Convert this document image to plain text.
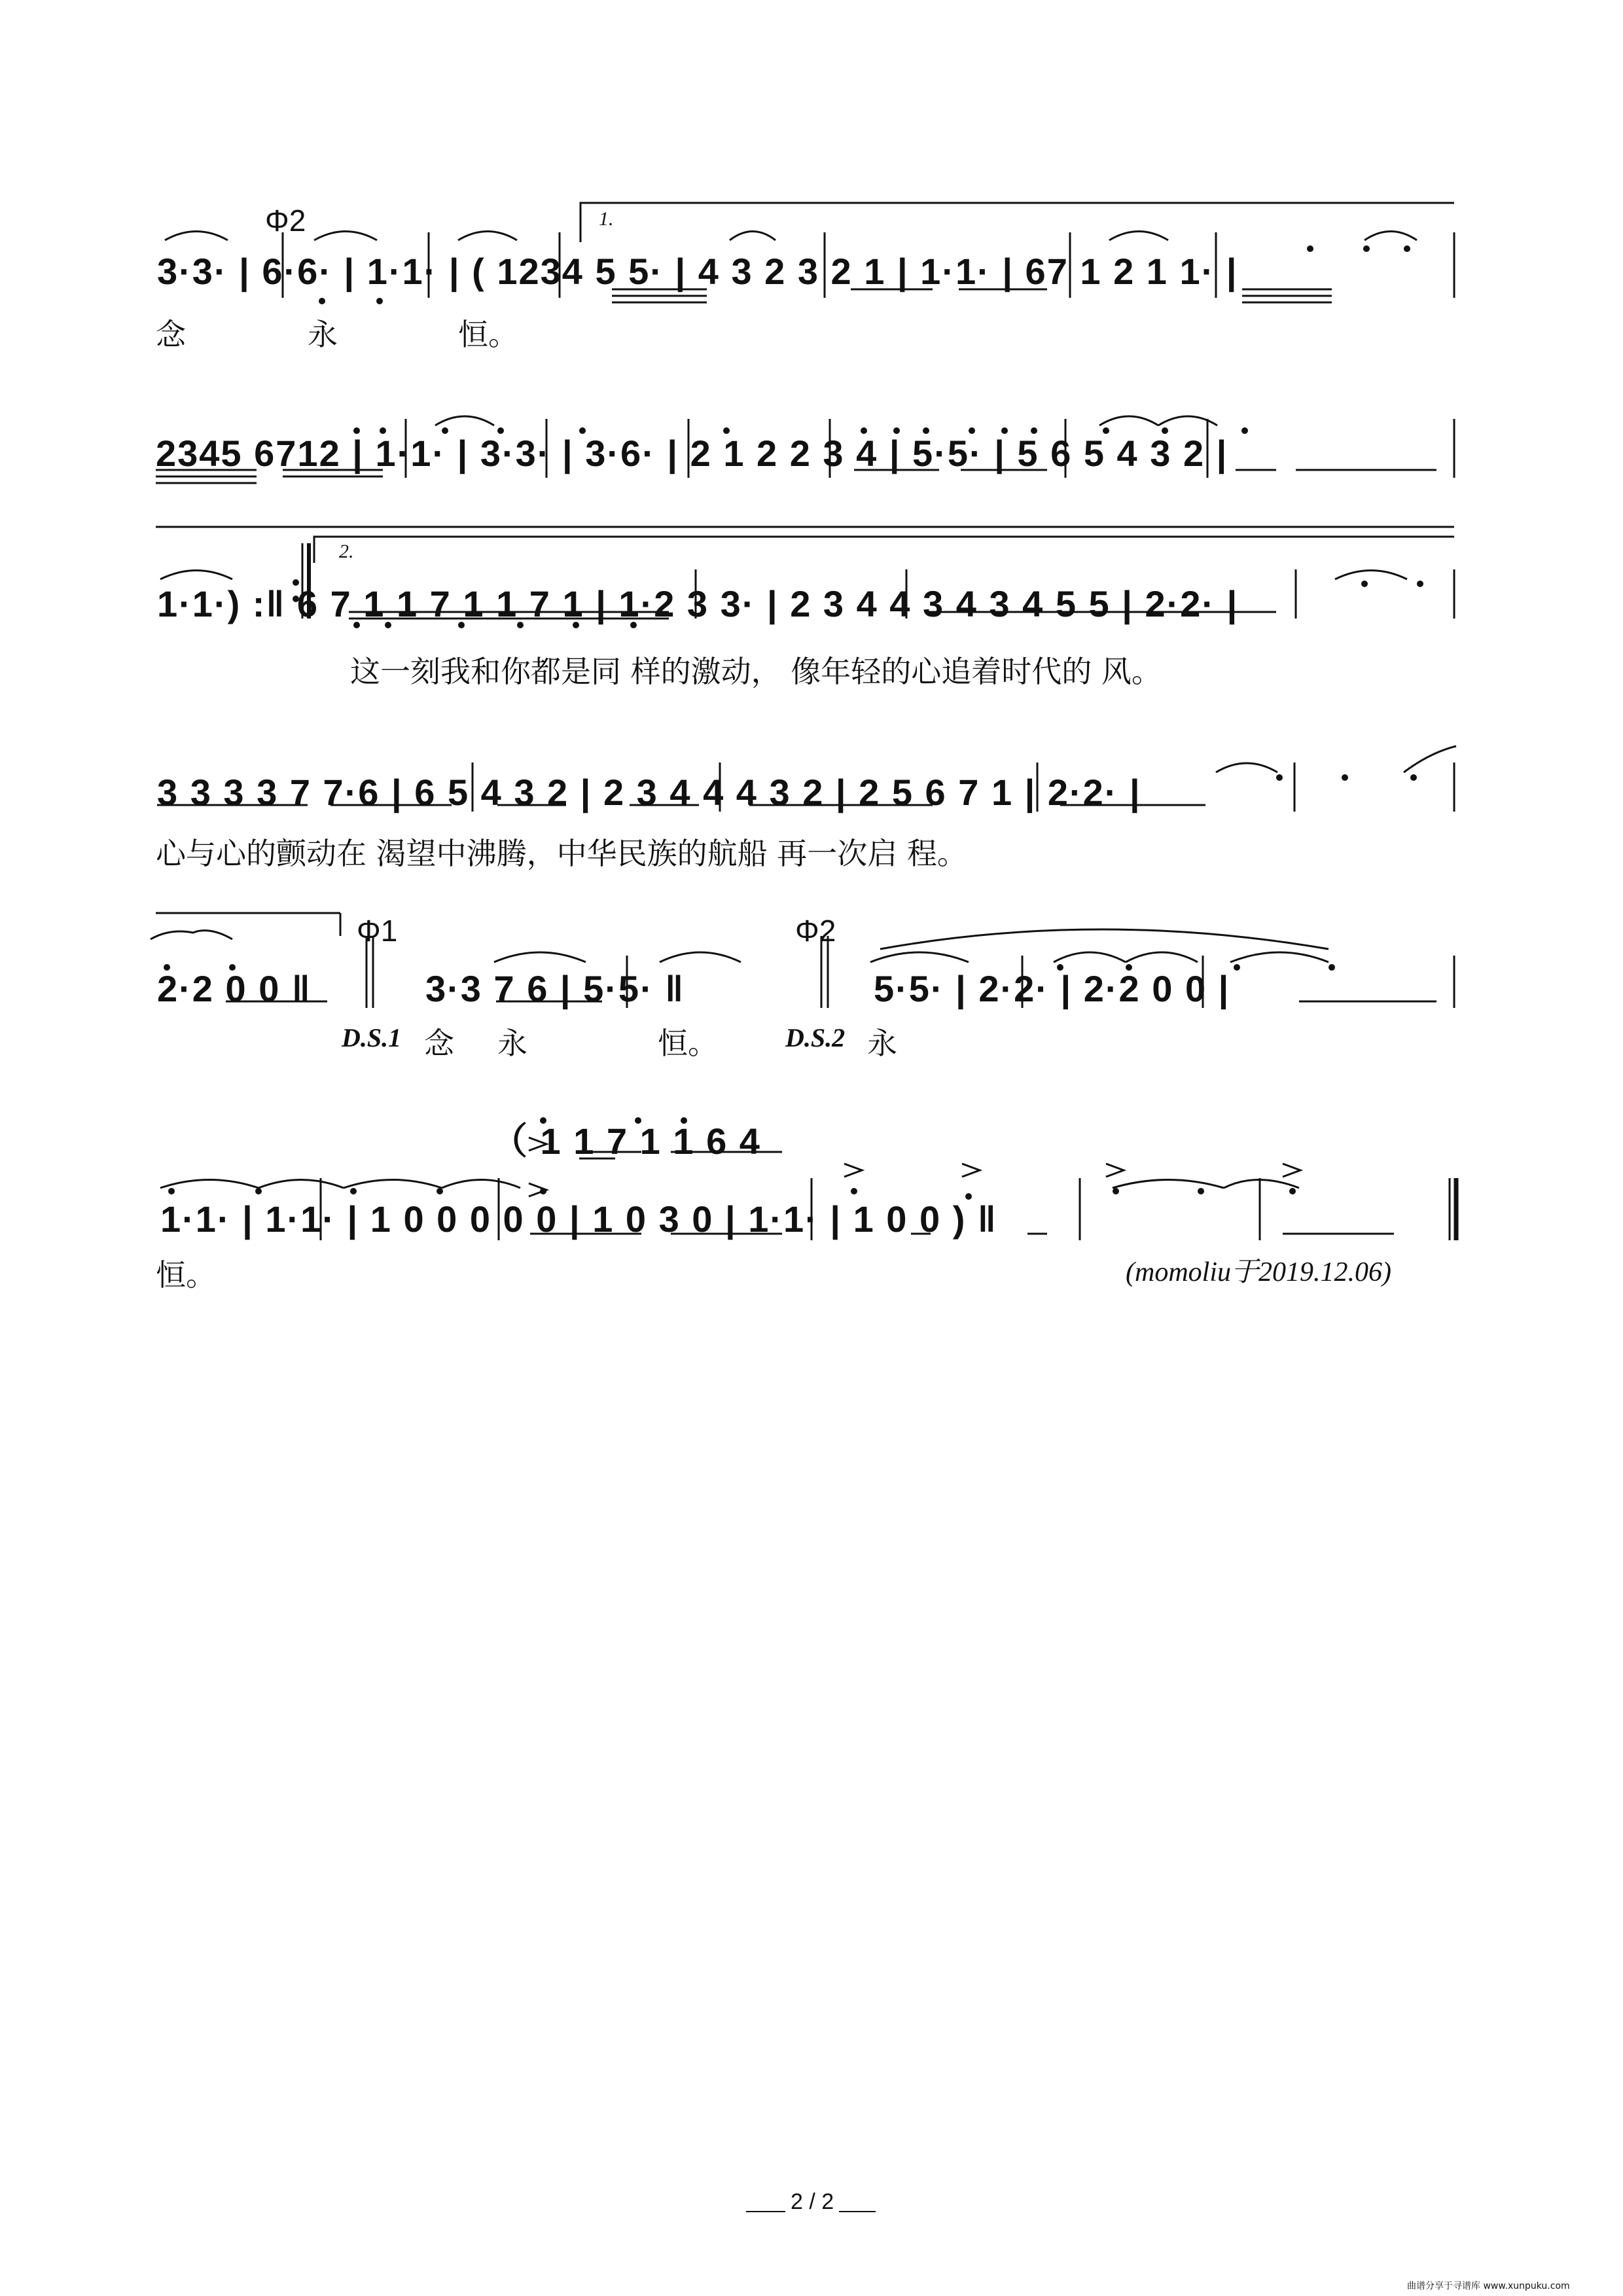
Φ2	1.
3·3· | 6·6· | 1·1· | ( 1234 5 5· | 4 3 2 3 2 1 | 1·1· | 67 1 2 1 1· |
念	永	恒。
2345 6712 | 1·1· | 3·3· | 3·6· | 2 1 2 2 3 4 | 5·5· | 5 6 5 4 3 2 |
2.
1·1·) :‖ 6 7 1 1 7 1 1 7 1 | 1·2 3 3· | 2 3 4 4 3 4 3 4 5 5 | 2·2· |
这一刻我和你都是同 样的激动， 像年轻的心追着时代的 风。
3 3 3 3 7 7·6 | 6 5 4 3 2 | 2 3 4 4 4 3 2 | 2 5 6 7 1 | 2·2· |
心与心的颤动在 渴望中沸腾，中华民族的航船 再一次启 程。
Φ1	Φ2
2·2 0 0 ‖	3·3 7 6 | 5·5· ‖	5·5· | 2·2· | 2·2 0 0 |
D.S.1 念 永	恒。	D.S.2 永
（ 1 1 7 1 1 6 4
1·1· | 1·1· | 1 0 0 0 0 0 | 1 0 3 0 | 1·1· | 1 0 0 ) ‖
恒。	(momoliu于2019.12.06)
2 / 2
曲谱分享于寻谱库 www.xunpuku.com
